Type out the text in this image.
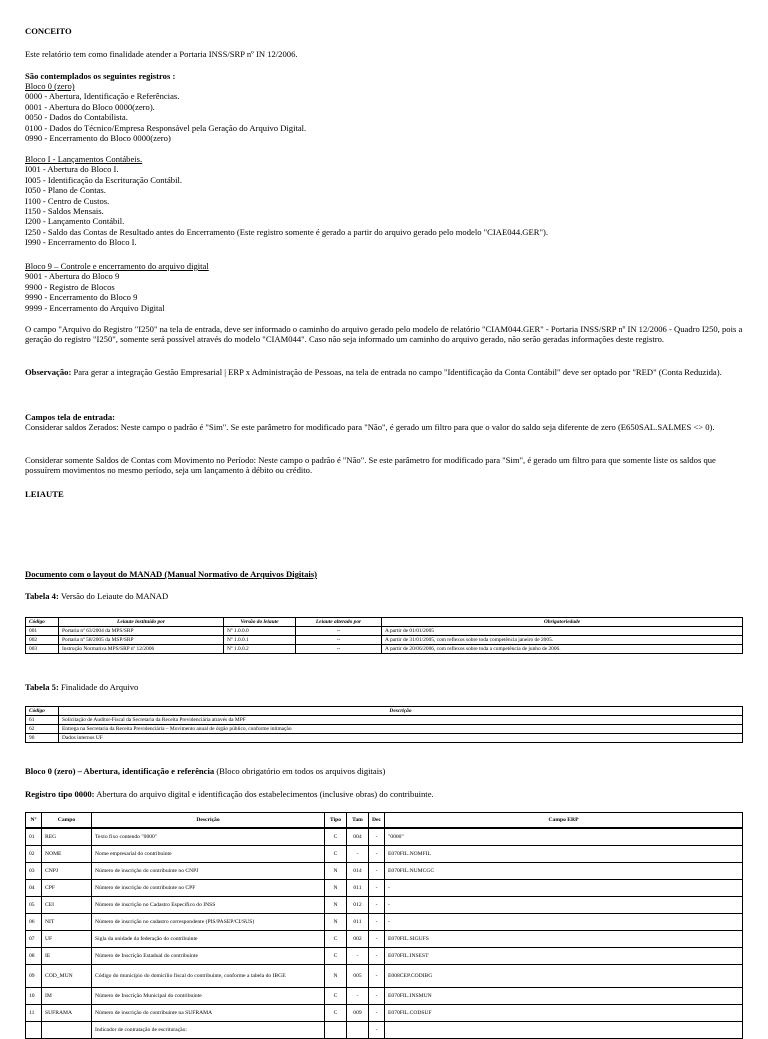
CONCEITO

Este relatório tem como finalidade atender a Portaria INSS/SRP nº IN 12/2006.

São contemplados os seguintes registros :

Bloco 0 (zero)

0000 - Abertura, Identificação e Referências.

0001 - Abertura do Bloco 0000(zero).

0050 - Dados do Contabilista.

0100 - Dados do Técnico/Empresa Responsável pela Geração do Arquivo Digital.

0990 - Encerramento do Bloco 0000(zero)

Bloco I - Lançamentos Contábeis.

I001 - Abertura do Bloco I.

I005 - Identificação da Escrituração Contábil.

I050 - Plano de Contas.

I100 - Centro de Custos.

I150 - Saldos Mensais.

I200 - Lançamento Contábil.

I250 - Saldo das Contas de Resultado antes do Encerramento (Este registro somente é gerado a partir do arquivo gerado pelo modelo "CIAE044.GER").

I990 - Encerramento do Bloco I.

Bloco 9 – Controle e encerramento do arquivo digital

9001 - Abertura do Bloco 9

9900 - Registro de Blocos

9990 - Encerramento do Bloco 9

9999 - Encerramento do Arquivo Digital

O campo "Arquivo do Registro "I250" na tela de entrada, deve ser informado o caminho do arquivo gerado pelo modelo de relatório "CIAM044.GER" - Portaria INSS/SRP nº IN 12/2006 - Quadro I250, pois a geração do registro "I250", somente será possível através do modelo "CIAM044". Caso não seja informado um caminho do arquivo gerado, não serão geradas informações deste registro.

Observação: Para gerar a integração Gestão Empresarial | ERP x Administração de Pessoas, na tela de entrada no campo "Identificação da Conta Contábil" deve ser optado por "RED" (Conta Reduzida).

Campos tela de entrada:

Considerar saldos Zerados: Neste campo o padrão é "Sim". Se este parâmetro for modificado para "Não", é gerado um filtro para que o valor do saldo seja diferente de zero (E650SAL.SALMES <> 0).

Considerar somente Saldos de Contas com Movimento no Período: Neste campo o padrão é "Não". Se este parâmetro for modificado para "Sim", é gerado um filtro para que somente liste os saldos que possuírem movimentos no mesmo período, seja um lançamento à débito ou crédito.

LEIAUTE

Documento com o layout do MANAD (Manual Normativo de Arquivos Digitais)

Tabela 4: Versão do Leiaute do MANAD

Código	Leiaute instituído por	Versão do leiaute	Leiaute alterado por	Obrigatoriedade
001	Portaria nº 63/2004 da MPS/SRP	Nº 1.0.0.0	--	A partir de 01/01/2005
002	Portaria nº 58/2005 da MSP/SRP	Nº 1.0.0.1	--	A partir de 31/01/2005, com reflexos sobre toda competência janeiro de 2005.
003	Instrução Normativa MPS/SRP nº 12/2006	Nº 1.0.0.2	--	A partir de 20/06/2006, com reflexos sobre toda a competência de junho de 2006.

Tabela 5: Finalidade do Arquivo

Código	Descrição
61	Solicitação de Auditor-Fiscal da Secretaria da Receita Previdenciária através da MPF
62	Entrega na Secretaria da Receita Previdenciária – Movimento anual de órgão público, conforme intimação
90	Dados internos UF

Bloco 0 (zero) – Abertura, identificação e referência (Bloco obrigatório em todos os arquivos digitais)

Registro tipo 0000: Abertura do arquivo digital e identificação dos estabelecimentos (inclusive obras) do contribuinte.

Nº	Campo	Descrição	Tipo	Tam	Dec	Campo ERP
01	REG	Texto fixo contendo "0000"	C	004	-	"0000"
02	NOME	Nome empresarial do contribuinte	C	-	-	E070FIL.NOMFIL
03	CNPJ	Número de inscrição do contribuinte no CNPJ	N	014	-	E070FIL.NUMCGC
04	CPF	Número de inscrição do contribuinte no CPF	N	011	-	-
05	CEI	Número de inscrição no Cadastro Específico do INSS	N	012	-	-
06	NIT	Número de inscrição no cadastro correspondente (PIS/PASEP/CI/SUS)	N	011	-	-
07	UF	Sigla da unidade da federação do contribuinte	C	002	-	E070FIL.SIGUFS
08	IE	Número de Inscrição Estadual do contribuinte	C	-	-	E070FIL.INSEST
09	COD_MUN	Código do município do domicílio fiscal do contribuinte, conforme a tabela do IBGE	N	005	-	E008CEP.CODIBG
10	IM	Número de Inscrição Municipal do contribuinte	C	-	-	E070FIL.INSMUN
11	SUFRAMA	Número de inscrição do contribuinte na SUFRAMA	C	009	-	E070FIL.CODSUF
		Indicador de contratação de escrituração:			-	
